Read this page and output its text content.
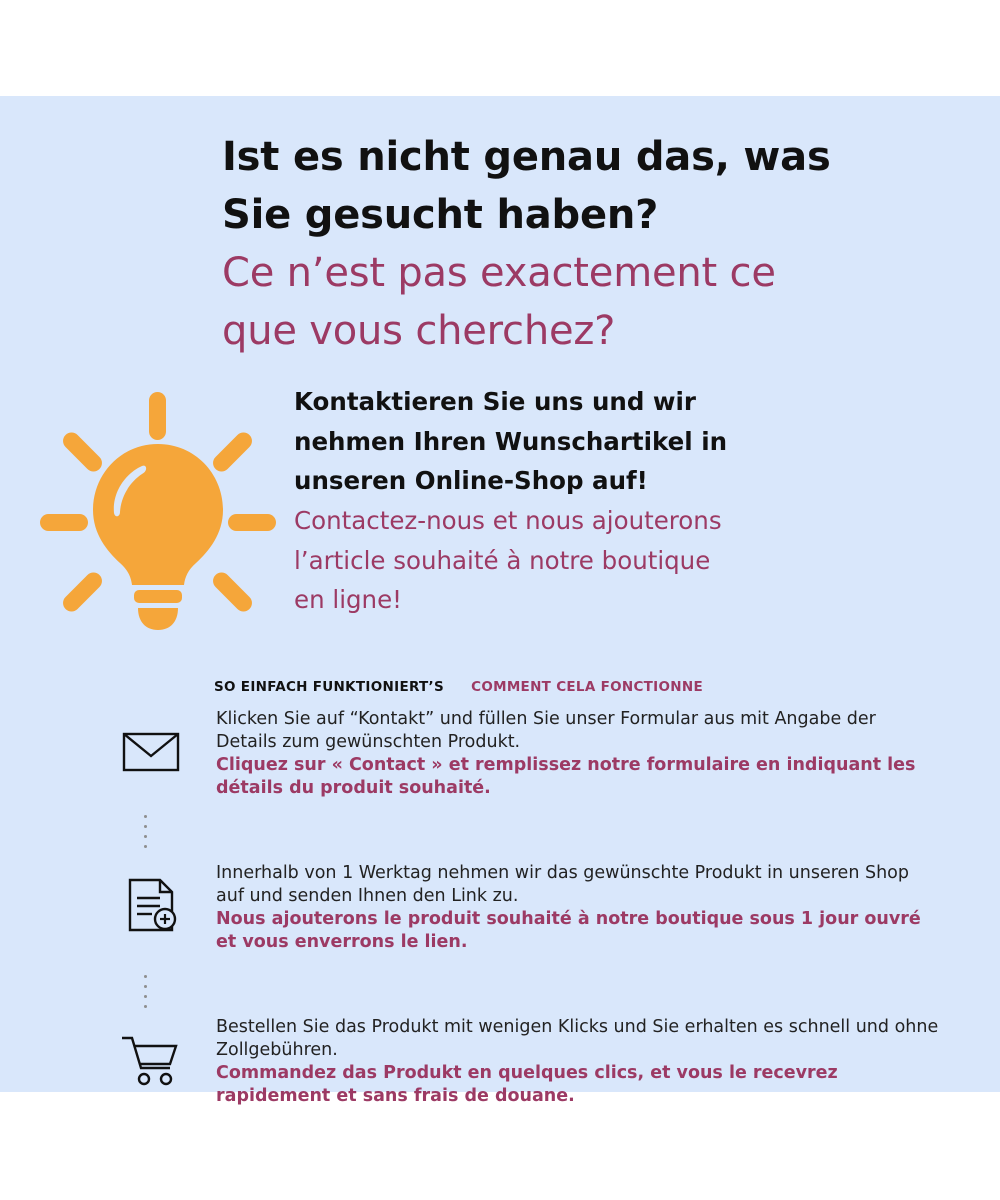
Ist es nicht genau das, was
Sie gesucht haben?
Ce n’est pas exactement ce
que vous cherchez?
Kontaktieren Sie uns und wir
nehmen Ihren Wunschartikel in
unseren Online-Shop auf!
Contactez-nous et nous ajouterons
l’article souhaité à notre boutique
en ligne!
SO EINFACH FUNKTIONIERT’S COMMENT CELA FONCTIONNE
Klicken Sie auf “Kontakt” und füllen Sie unser Formular aus mit Angabe der Details zum gewünschten Produkt.
Cliquez sur « Contact » et remplissez notre formulaire en indiquant les détails du produit souhaité.
Innerhalb von 1 Werktag nehmen wir das gewünschte Produkt in unseren Shop auf und senden Ihnen den Link zu.
Nous ajouterons le produit souhaité à notre boutique sous 1 jour ouvré et vous enverrons le lien.
Bestellen Sie das Produkt mit wenigen Klicks und Sie erhalten es schnell und ohne Zollgebühren.
Commandez das Produkt en quelques clics, et vous le recevrez rapidement et sans frais de douane.
